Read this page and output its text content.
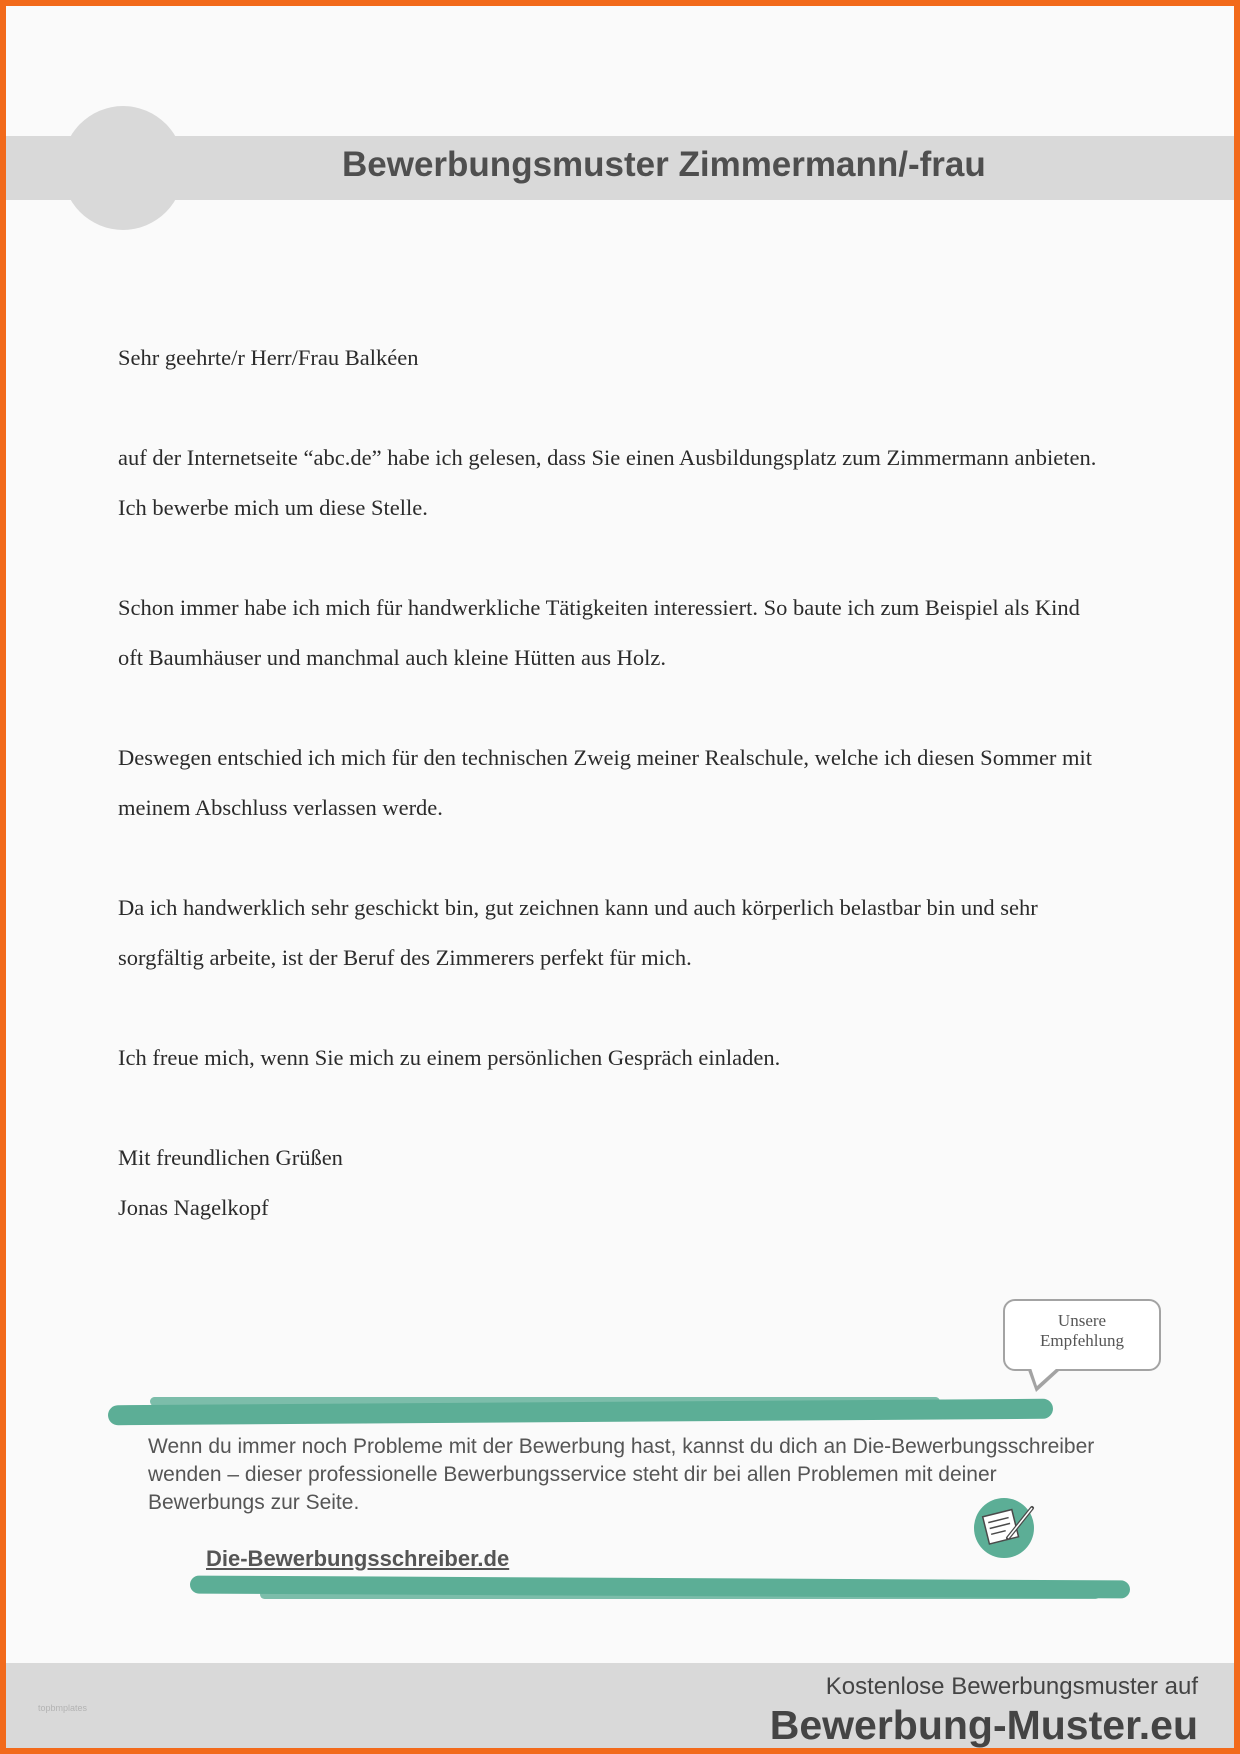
Bewerbungsmuster Zimmermann/-frau

Sehr geehrte/r Herr/Frau Balkéen

auf der Internetseite “abc.de” habe ich gelesen, dass Sie einen Ausbildungsplatz zum Zimmermann anbieten. Ich bewerbe mich um diese Stelle.

Schon immer habe ich mich für handwerkliche Tätigkeiten interessiert. So baute ich zum Beispiel als Kind oft Baumhäuser und manchmal auch kleine Hütten aus Holz.

Deswegen entschied ich mich für den technischen Zweig meiner Realschule, welche ich diesen Sommer mit meinem Abschluss verlassen werde.

Da ich handwerklich sehr geschickt bin, gut zeichnen kann und auch körperlich belastbar bin und sehr sorgfältig arbeite, ist der Beruf des Zimmerers perfekt für mich.

Ich freue mich, wenn Sie mich zu einem persönlichen Gespräch einladen.

Mit freundlichen Grüßen

Jonas Nagelkopf

Unsere
Empfehlung
Wenn du immer noch Probleme mit der Bewerbung hast, kannst du dich an Die-Bewerbungsschreiber wenden – dieser professionelle Bewerbungsservice steht dir bei allen Problemen mit deiner Bewerbungs zur Seite.
Die-Bewerbungsschreiber.de
topbmplates
Kostenlose Bewerbungsmuster auf
Bewerbung-Muster.eu
